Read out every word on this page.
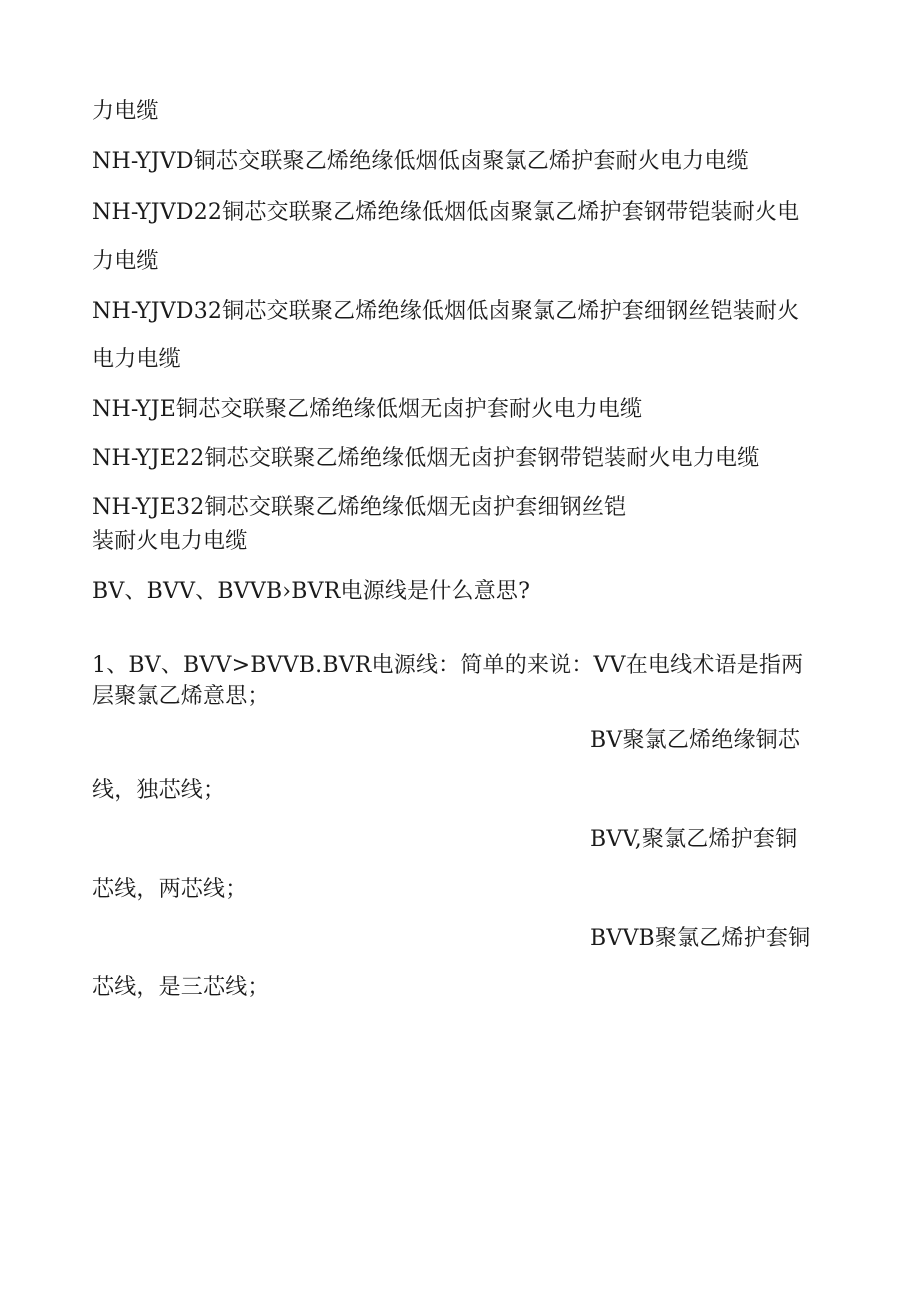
力电缆
NH-YJVD铜芯交联聚乙烯绝缘低烟低卤聚氯乙烯护套耐火电力电缆
NH-YJVD22铜芯交联聚乙烯绝缘低烟低卤聚氯乙烯护套钢带铠装耐火电
力电缆
NH-YJVD32铜芯交联聚乙烯绝缘低烟低卤聚氯乙烯护套细钢丝铠装耐火
电力电缆
NH-YJE铜芯交联聚乙烯绝缘低烟无卤护套耐火电力电缆
NH-YJE22铜芯交联聚乙烯绝缘低烟无卤护套钢带铠装耐火电力电缆
NH-YJE32铜芯交联聚乙烯绝缘低烟无卤护套细钢丝铠
装耐火电力电缆
BV、BVV、BVVB›BVR电源线是什么意思?
1、BV、BVV>BVVB.BVR电源线：简单的来说：VV在电线术语是指两
层聚氯乙烯意思；
BV聚氯乙烯绝缘铜芯
线，独芯线；
BVV,聚氯乙烯护套铜
芯线，两芯线；
BVVB聚氯乙烯护套铜
芯线，是三芯线；
